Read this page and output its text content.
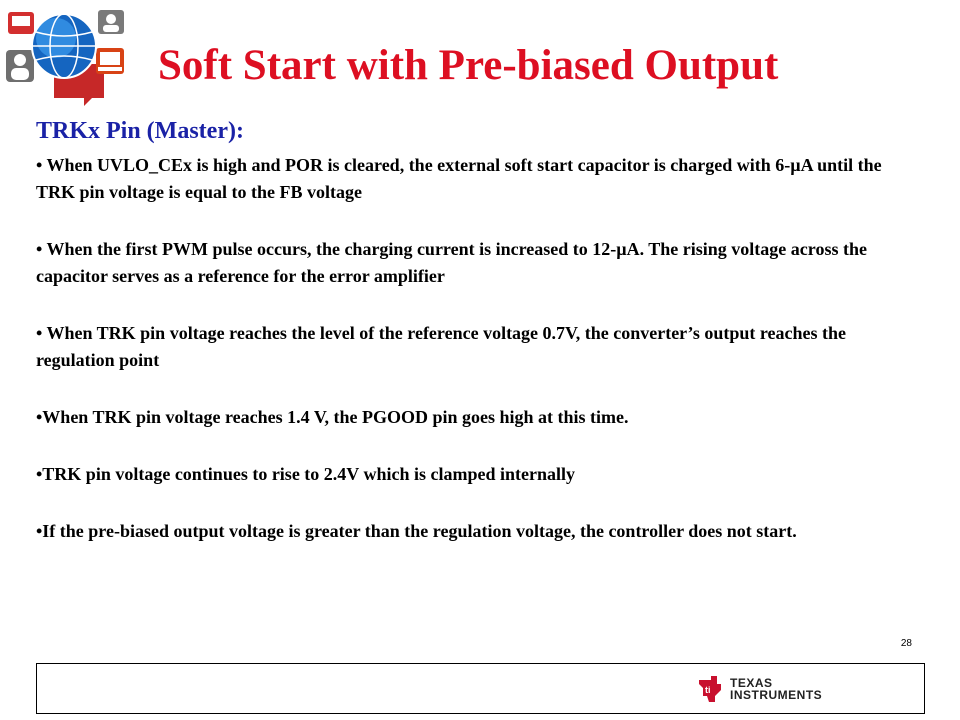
Soft Start with Pre-biased Output
TRKx Pin (Master):
• When UVLO_CEx is high and POR is cleared, the external soft start capacitor is charged with 6-µA until the TRK pin voltage is equal to the FB voltage
• When the first PWM pulse occurs, the charging current is increased to 12-µA. The rising voltage across the capacitor serves as a reference for the error amplifier
• When TRK pin voltage reaches the level of the reference voltage 0.7V, the converter’s output reaches the regulation point
•When TRK pin voltage reaches 1.4 V, the PGOOD pin goes high at this time.
•TRK pin voltage continues to rise to 2.4V which is clamped internally
•If the pre-biased output voltage is greater than the regulation voltage, the controller does not start.
28
ti TEXAS
INSTRUMENTS
